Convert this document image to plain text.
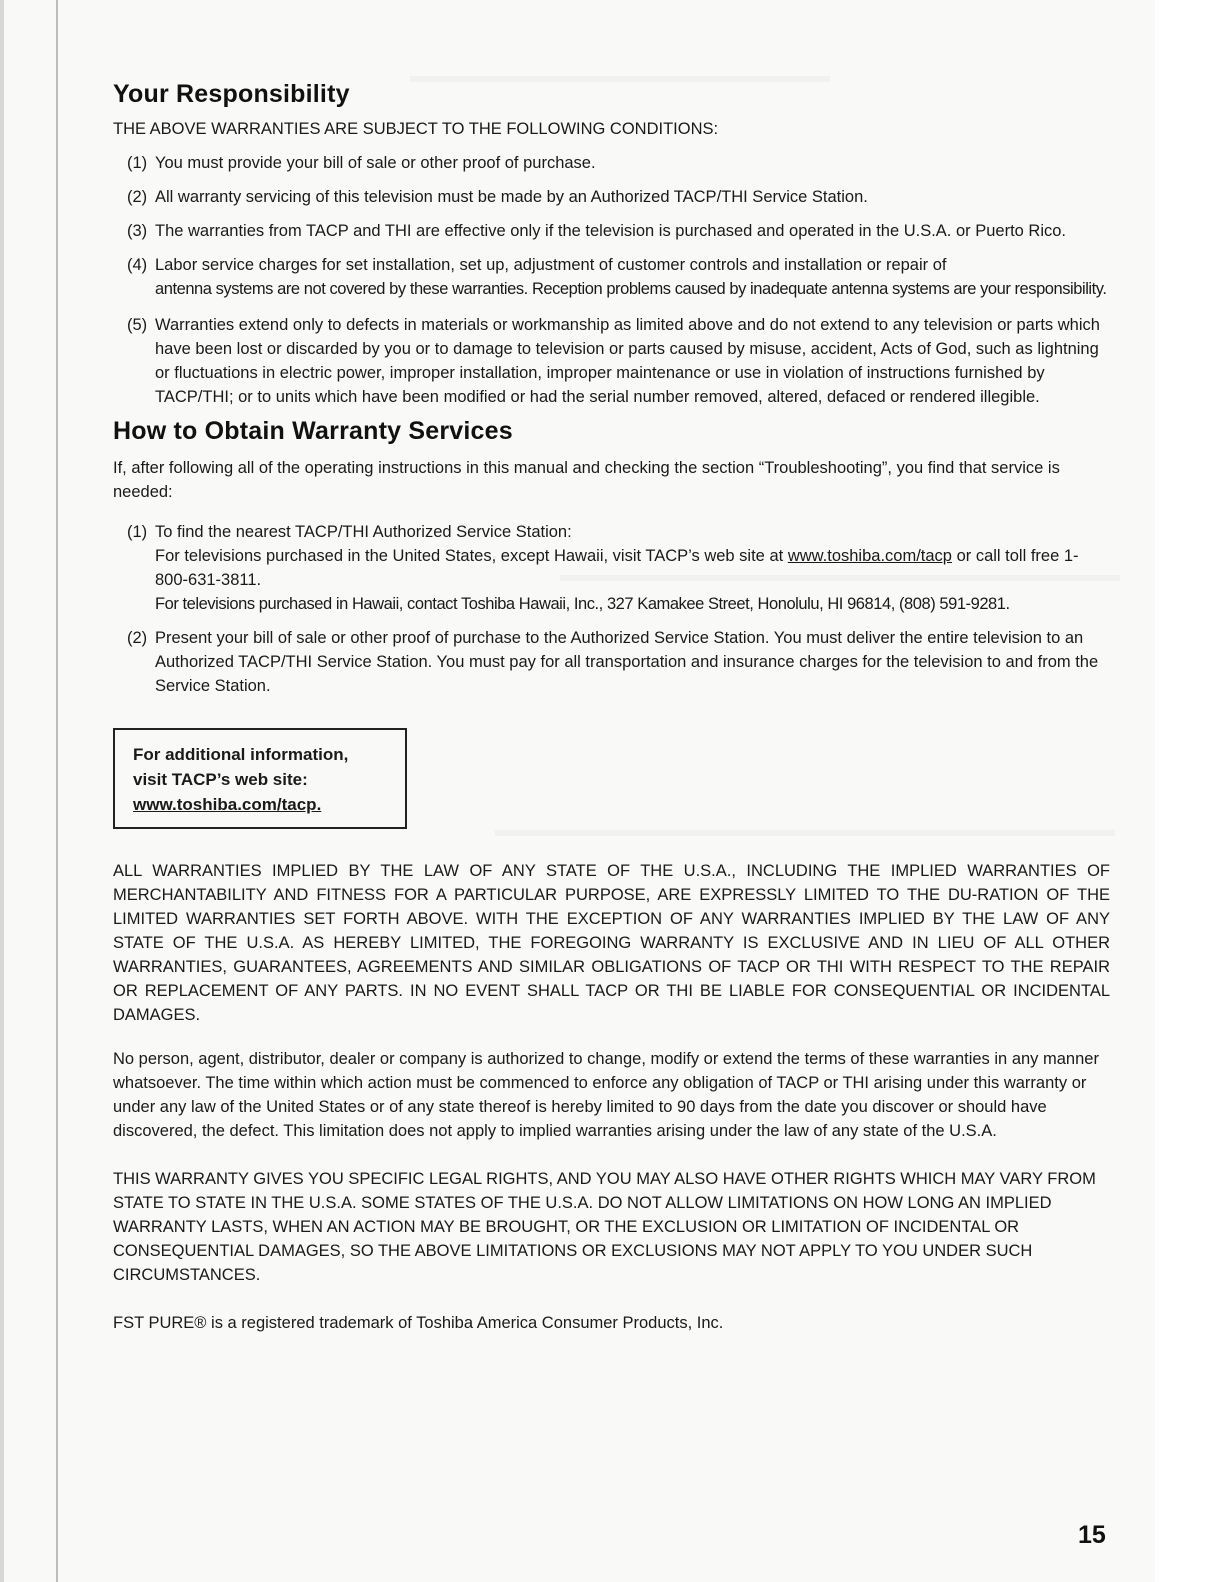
Your Responsibility

THE ABOVE WARRANTIES ARE SUBJECT TO THE FOLLOWING CONDITIONS:

(1) You must provide your bill of sale or other proof of purchase.
(2) All warranty servicing of this television must be made by an Authorized TACP/THI Service Station.
(3) The warranties from TACP and THI are effective only if the television is purchased and operated in the U.S.A. or Puerto Rico.
(4) Labor service charges for set installation, set up, adjustment of customer controls and installation or repair of
antenna systems are not covered by these warranties. Reception problems caused by inadequate antenna systems are your responsibility.
(5) Warranties extend only to defects in materials or workmanship as limited above and do not extend to any television or parts which have been lost or discarded by you or to damage to television or parts caused by misuse, accident, Acts of God, such as lightning or fluctuations in electric power, improper installation, improper maintenance or use in violation of instructions furnished by TACP/THI; or to units which have been modified or had the serial number removed, altered, defaced or rendered illegible.
How to Obtain Warranty Services

If, after following all of the operating instructions in this manual and checking the section “Troubleshooting”, you find that service is needed:

(1) To find the nearest TACP/THI Authorized Service Station:
For televisions purchased in the United States, except Hawaii, visit TACP’s web site at www.toshiba.com/tacp or call toll free 1-800-631-3811.
For televisions purchased in Hawaii, contact Toshiba Hawaii, Inc., 327 Kamakee Street, Honolulu, HI 96814, (808) 591-9281.
(2) Present your bill of sale or other proof of purchase to the Authorized Service Station. You must deliver the entire television to an Authorized TACP/THI Service Station. You must pay for all transportation and insurance charges for the television to and from the Service Station.
For additional information,
visit TACP’s web site:
www.toshiba.com/tacp.

ALL WARRANTIES IMPLIED BY THE LAW OF ANY STATE OF THE U.S.A., INCLUDING THE IMPLIED WARRANTIES OF MERCHANTABILITY AND FITNESS FOR A PARTICULAR PURPOSE, ARE EXPRESSLY LIMITED TO THE DU-RATION OF THE LIMITED WARRANTIES SET FORTH ABOVE. WITH THE EXCEPTION OF ANY WARRANTIES IMPLIED BY THE LAW OF ANY STATE OF THE U.S.A. AS HEREBY LIMITED, THE FOREGOING WARRANTY IS EXCLUSIVE AND IN LIEU OF ALL OTHER WARRANTIES, GUARANTEES, AGREEMENTS AND SIMILAR OBLIGATIONS OF TACP OR THI WITH RESPECT TO THE REPAIR OR REPLACEMENT OF ANY PARTS. IN NO EVENT SHALL TACP OR THI BE LIABLE FOR CONSEQUENTIAL OR INCIDENTAL DAMAGES.

No person, agent, distributor, dealer or company is authorized to change, modify or extend the terms of these warranties in any manner whatsoever. The time within which action must be commenced to enforce any obligation of TACP or THI arising under this warranty or under any law of the United States or of any state thereof is hereby limited to 90 days from the date you discover or should have discovered, the defect. This limitation does not apply to implied warranties arising under the law of any state of the U.S.A.

THIS WARRANTY GIVES YOU SPECIFIC LEGAL RIGHTS, AND YOU MAY ALSO HAVE OTHER RIGHTS WHICH MAY VARY FROM STATE TO STATE IN THE U.S.A. SOME STATES OF THE U.S.A. DO NOT ALLOW LIMITATIONS ON HOW LONG AN IMPLIED WARRANTY LASTS, WHEN AN ACTION MAY BE BROUGHT, OR THE EXCLUSION OR LIMITATION OF INCIDENTAL OR CONSEQUENTIAL DAMAGES, SO THE ABOVE LIMITATIONS OR EXCLUSIONS MAY NOT APPLY TO YOU UNDER SUCH CIRCUMSTANCES.

FST PURE® is a registered trademark of Toshiba America Consumer Products, Inc.

15
